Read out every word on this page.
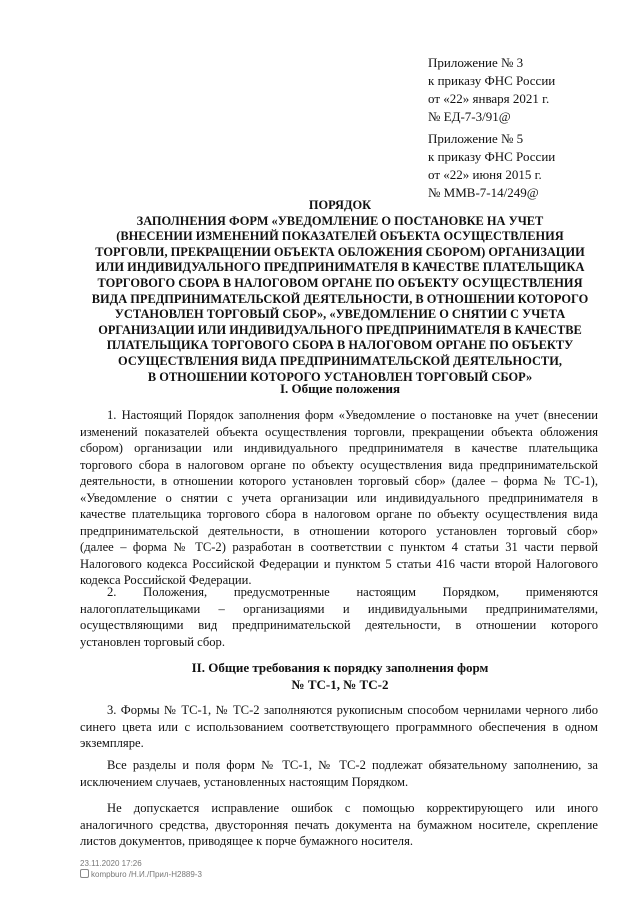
Приложение № 3
к приказу ФНС России
от «22» января 2021 г.
№ ЕД-7-3/91@
Приложение № 5
к приказу ФНС России
от «22» июня 2015 г.
№ ММВ-7-14/249@
ПОРЯДОК
ЗАПОЛНЕНИЯ ФОРМ «УВЕДОМЛЕНИЕ О ПОСТАНОВКЕ НА УЧЕТ
(ВНЕСЕНИИ ИЗМЕНЕНИЙ ПОКАЗАТЕЛЕЙ ОБЪЕКТА ОСУЩЕСТВЛЕНИЯ
ТОРГОВЛИ, ПРЕКРАЩЕНИИ ОБЪЕКТА ОБЛОЖЕНИЯ СБОРОМ) ОРГАНИЗАЦИИ
ИЛИ ИНДИВИДУАЛЬНОГО ПРЕДПРИНИМАТЕЛЯ В КАЧЕСТВЕ ПЛАТЕЛЬЩИКА
ТОРГОВОГО СБОРА В НАЛОГОВОМ ОРГАНЕ ПО ОБЪЕКТУ ОСУЩЕСТВЛЕНИЯ
ВИДА ПРЕДПРИНИМАТЕЛЬСКОЙ ДЕЯТЕЛЬНОСТИ, В ОТНОШЕНИИ КОТОРОГО
УСТАНОВЛЕН ТОРГОВЫЙ СБОР», «УВЕДОМЛЕНИЕ О СНЯТИИ С УЧЕТА
ОРГАНИЗАЦИИ ИЛИ ИНДИВИДУАЛЬНОГО ПРЕДПРИНИМАТЕЛЯ В КАЧЕСТВЕ
ПЛАТЕЛЬЩИКА ТОРГОВОГО СБОРА В НАЛОГОВОМ ОРГАНЕ ПО ОБЪЕКТУ
ОСУЩЕСТВЛЕНИЯ ВИДА ПРЕДПРИНИМАТЕЛЬСКОЙ ДЕЯТЕЛЬНОСТИ,
В ОТНОШЕНИИ КОТОРОГО УСТАНОВЛЕН ТОРГОВЫЙ СБОР»
I. Общие положения
1. Настоящий Порядок заполнения форм «Уведомление о постановке на учет (внесении
изменений показателей объекта осуществления торговли, прекращении объекта обложения
сбором) организации или индивидуального предпринимателя в качестве плательщика
торгового сбора в налоговом органе по объекту осуществления вида предпринимательской
деятельности, в отношении которого установлен торговый сбор» (далее – форма № ТС-1),
«Уведомление о снятии с учета организации или индивидуального предпринимателя в
качестве плательщика торгового сбора в налоговом органе по объекту осуществления вида
предпринимательской деятельности, в отношении которого установлен торговый сбор»
(далее – форма № ТС-2) разработан в соответствии с пунктом 4 статьи 31 части первой
Налогового кодекса Российской Федерации и пунктом 5 статьи 416 части второй Налогового
кодекса Российской Федерации.
2. Положения, предусмотренные настоящим Порядком, применяются
налогоплательщиками – организациями и индивидуальными предпринимателями,
осуществляющими вид предпринимательской деятельности, в отношении которого
установлен торговый сбор.
II. Общие требования к порядку заполнения форм
№ ТС-1, № ТС-2
3. Формы № ТС-1, № ТС-2 заполняются рукописным способом чернилами черного либо
синего цвета или с использованием соответствующего программного обеспечения в одном
экземпляре.
Все разделы и поля форм № ТС-1, № ТС-2 подлежат обязательному заполнению, за
исключением случаев, установленных настоящим Порядком.
Не допускается исправление ошибок с помощью корректирующего или иного
аналогичного средства, двусторонняя печать документа на бумажном носителе, скрепление
листов документов, приводящее к порче бумажного носителя.
23.11.2020 17:26
kompburo /Н.И./Прил-Н2889-3
